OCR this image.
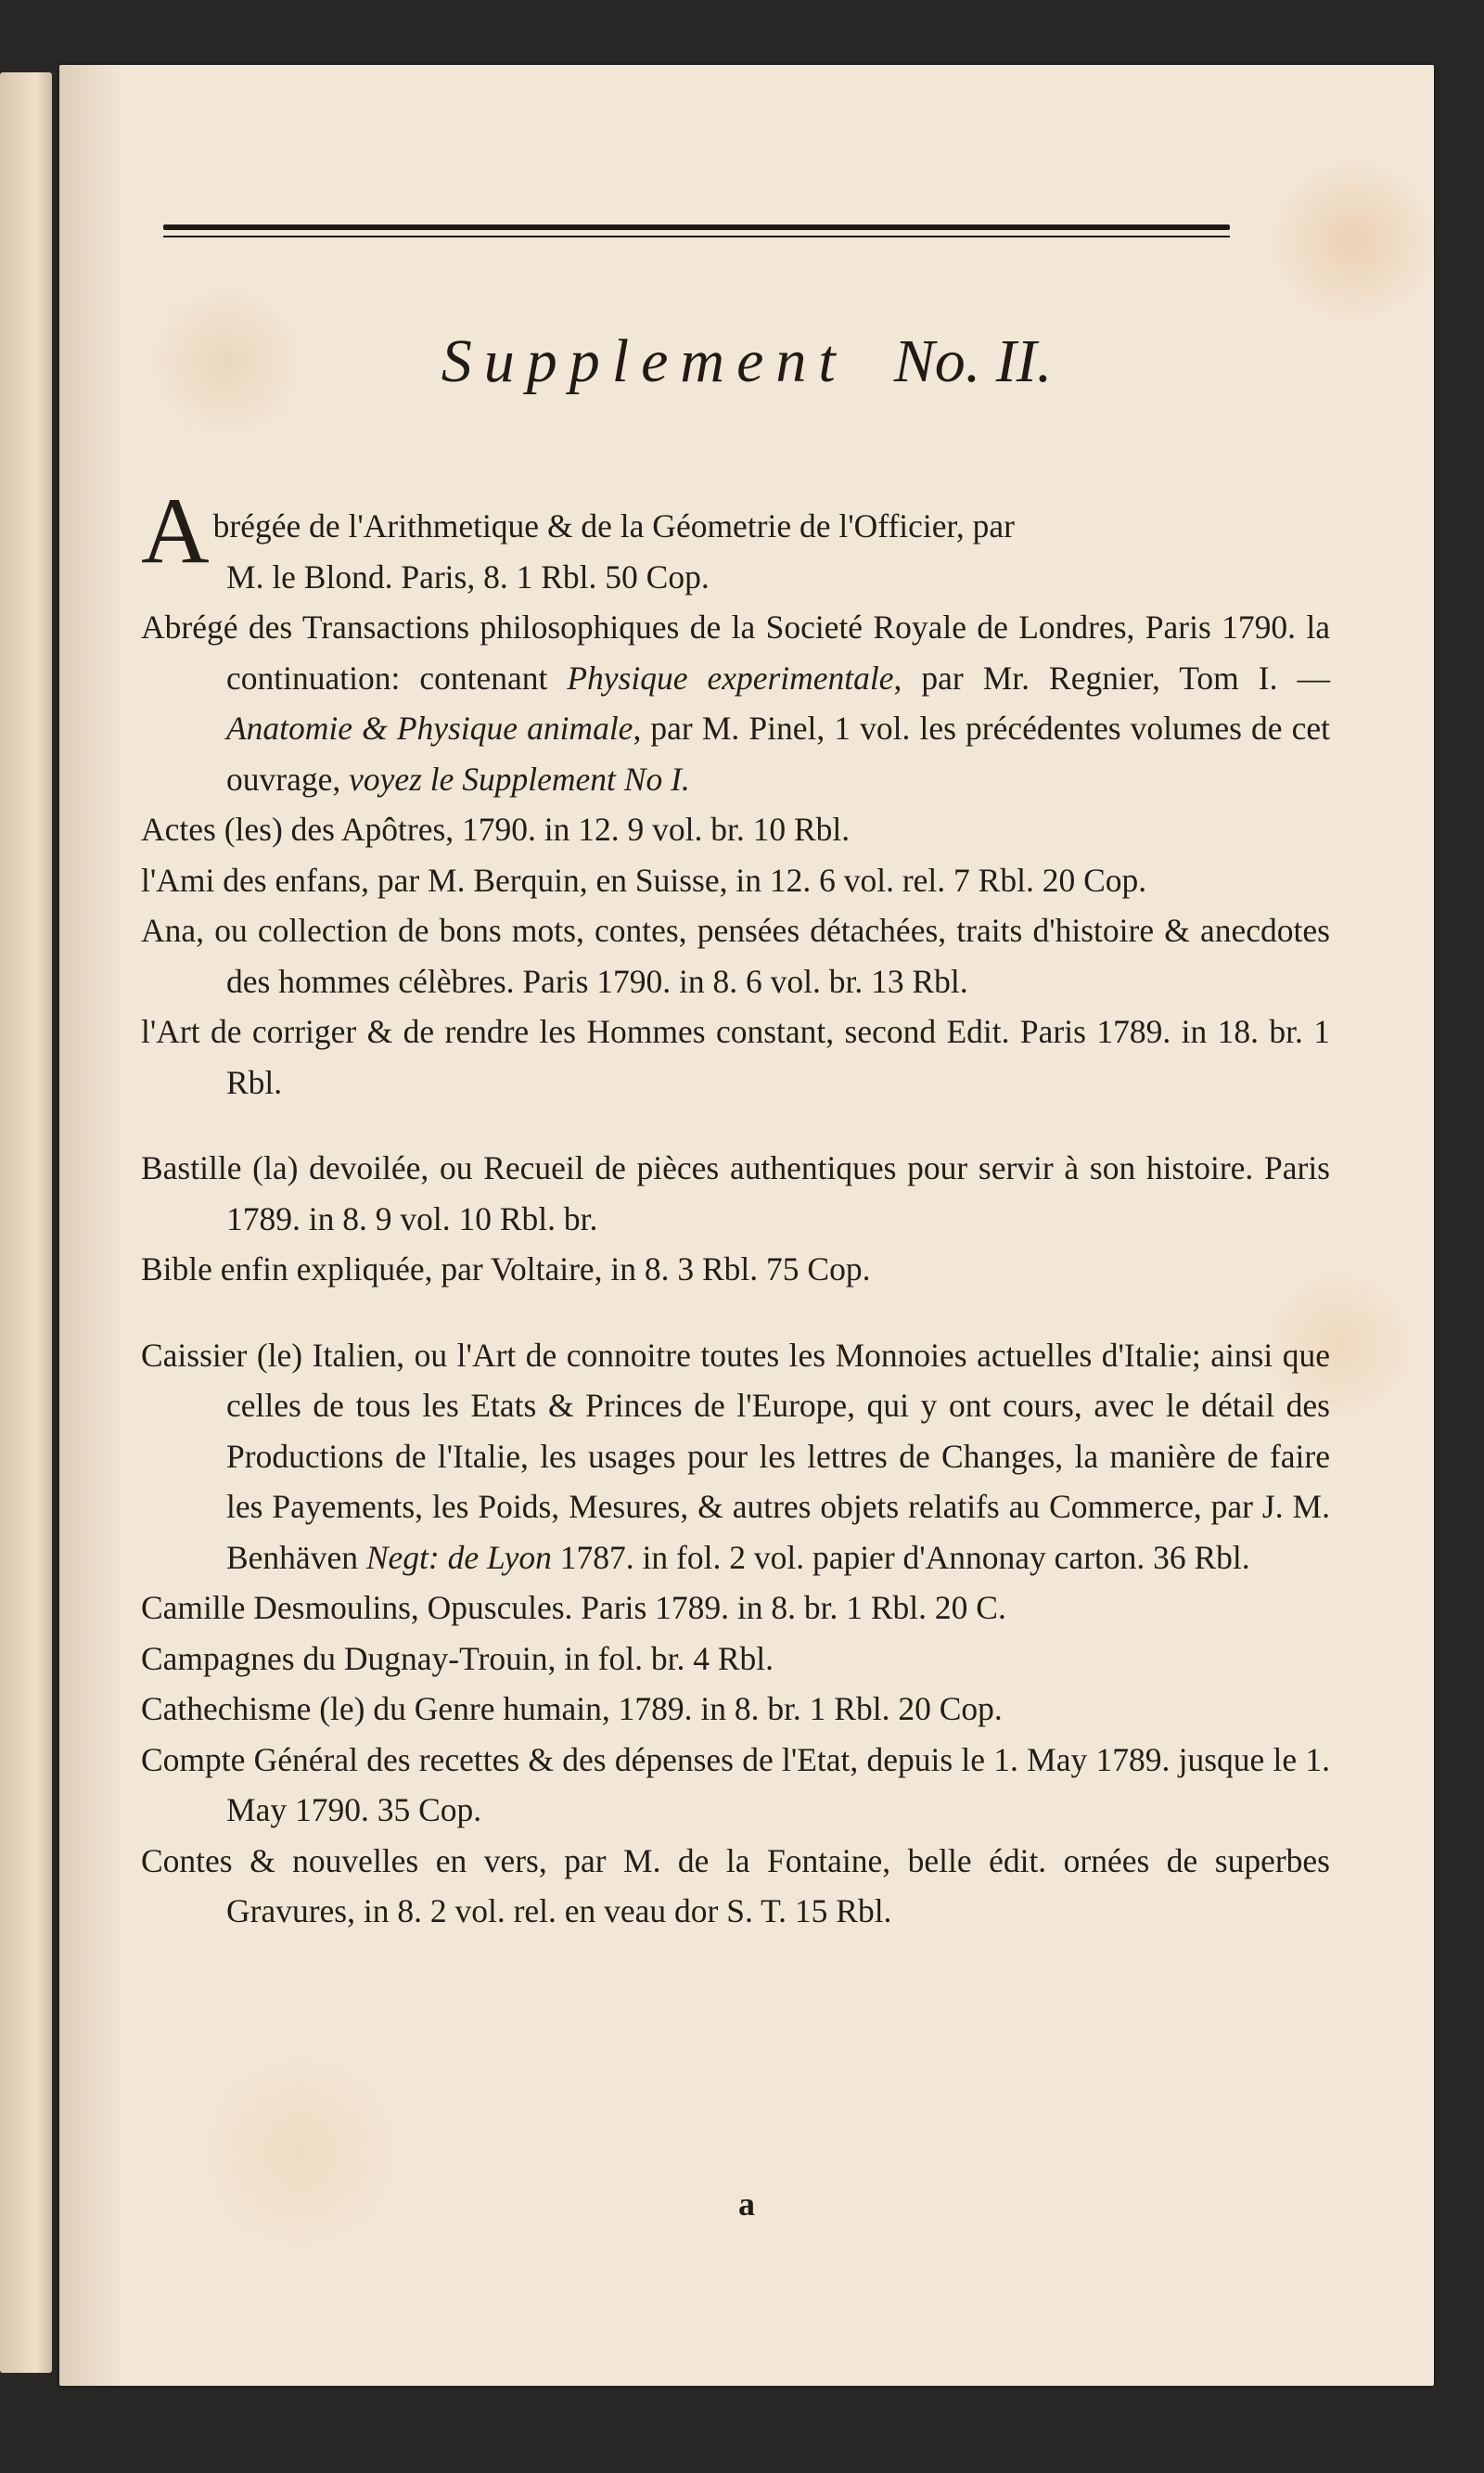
Supplement No. II.

Abrégée de l'Arithmetique & de la Géometrie de l'Officier, par
M. le Blond. Paris, 8. 1 Rbl. 50 Cop.

Abrégé des Transactions philosophiques de la Societé Royale de Londres, Paris 1790. la continuation: contenant Physique experimentale, par Mr. Regnier, Tom I. — Anatomie & Physique animale, par M. Pinel, 1 vol. les précédentes volumes de cet ouvrage, voyez le Supplement No I.

Actes (les) des Apôtres, 1790. in 12. 9 vol. br. 10 Rbl.

l'Ami des enfans, par M. Berquin, en Suisse, in 12. 6 vol. rel. 7 Rbl. 20 Cop.

Ana, ou collection de bons mots, contes, pensées détachées, traits d'histoire & anecdotes des hommes célèbres. Paris 1790. in 8. 6 vol. br. 13 Rbl.

l'Art de corriger & de rendre les Hommes constant, second Edit. Paris 1789. in 18. br. 1 Rbl.

Bastille (la) devoilée, ou Recueil de pièces authentiques pour servir à son histoire. Paris 1789. in 8. 9 vol. 10 Rbl. br.

Bible enfin expliquée, par Voltaire, in 8. 3 Rbl. 75 Cop.

Caissier (le) Italien, ou l'Art de connoitre toutes les Monnoies actuelles d'Italie; ainsi que celles de tous les Etats & Princes de l'Europe, qui y ont cours, avec le détail des Productions de l'Italie, les usages pour les lettres de Changes, la manière de faire les Payements, les Poids, Mesures, & autres objets relatifs au Commerce, par J. M. Benhäven Negt: de Lyon 1787. in fol. 2 vol. papier d'Annonay carton. 36 Rbl.

Camille Desmoulins, Opuscules. Paris 1789. in 8. br. 1 Rbl. 20 C.

Campagnes du Dugnay-Trouin, in fol. br. 4 Rbl.

Cathechisme (le) du Genre humain, 1789. in 8. br. 1 Rbl. 20 Cop.

Compte Général des recettes & des dépenses de l'Etat, depuis le 1. May 1789. jusque le 1. May 1790. 35 Cop.

Contes & nouvelles en vers, par M. de la Fontaine, belle édit. ornées de superbes Gravures, in 8. 2 vol. rel. en veau dor S. T. 15 Rbl.

a
